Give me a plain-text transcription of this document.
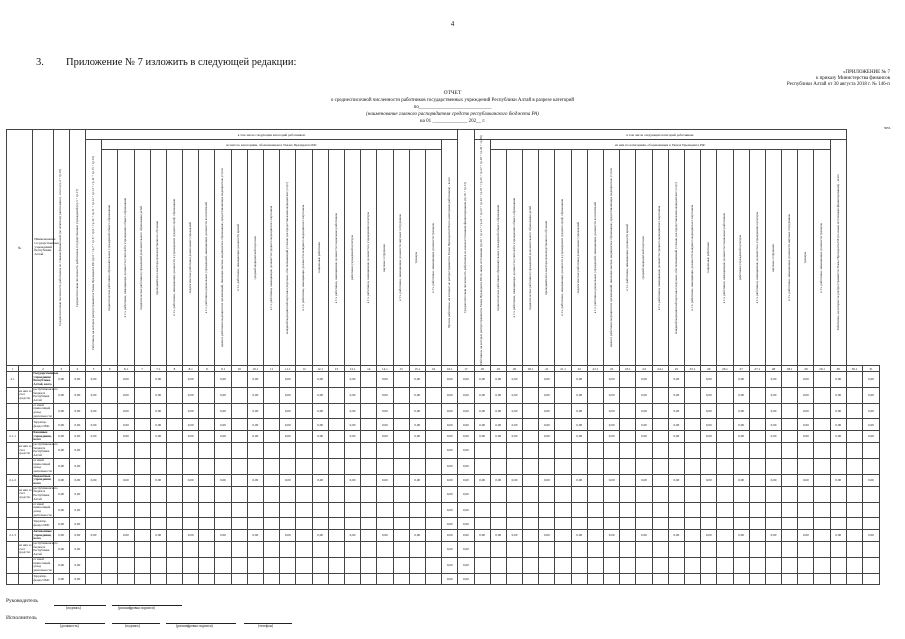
4
3. Приложение № 7 изложить в следующей редакции:
«ПРИЛОЖЕНИЕ № 7
к приказу Министерства финансов
Республики Алтай от 30 августа 2018 г. № 146-п
ОТЧЕТ
о среднесписочной численности работников государственных учреждений Республики Алтай в разрезе категорий
по_____________________________
(наименование главного распорядителя средств республиканского бюджета РА)
на 01 ______________ 202__ г.
чел.
№		Наименование государственных учреждений Республики Алтай	Среднесписочная численность работников по ставкам финансовой (по штатному расписанию) - всего (гр.4 + гр.18)	Среднесписочная численность работников государственных учреждений (гр.5 + гр.17)	в том числе следующих категорий работников:																							Среднесписочная численность работников по иным источникам финансирования (гр.19 + гр.31)	в том числе следующих категорий работников:																								

					Работники, на которых распространяются Указы Президента РФ (гр.6 + гр.7 + гр.8 + гр.9 + гр.10 + гр.11 + гр.12 + гр.13 + гр.14 + гр.15 + гр.16)	из них по категориям, обозначенным в Указах Президента РФ:																					Прочие работники, на которых не распространяются Указы Президента РФ (по категориям работников) - всего		Работники, на которых распространяются Указы Президента РФ по иным источникам (гр.20 + гр.21 + гр.22 + гр.23 + гр.24 + гр.25 + гр.26 + гр.27 + гр.28 + гр.29 + гр.30)	из них по категориям, обозначенным в Указах Президента РФ:																					Работники, на которых не распространяются Указы Президента РФ (по иным источникам финансирования) - всего		

						педагогические работники образовательных учреждений общего образования	в т.ч. работники, замещающие должности учителей в учреждениях общего образования	педагогические работники учреждений дополнительного образования детей	преподаватели и мастера производственного обучения	в т.ч. работники, замещающие должности в учреждениях среднего проф. образования	педагогические работники дошкольных учреждений	в т.ч. работники дошкольных учреждений, замещающие должности воспитателей	врачи и работники медицинских организаций, имеющие высшее медицинское образование, предоставляющие медицинские услуги	в т.ч. работники, замещающие должности врачей	средний медицинский персонал	в т.ч. работники, замещающие должности среднего медицинского персонала	младший медицинский персонал (персонал, обеспечивающий условия для предоставления медицинских услуг)	в т.ч. работники, замещающие должности младшего медицинского персонала	социальные работники	в т.ч. работники, замещающие должности социальных работников	работники учреждений культуры	в т.ч. работники, замещающие должности в учреждениях культуры	научные сотрудники	в т.ч. работники, замещающие должности научных сотрудников	тренеры	в т.ч. работники, замещающие должности тренеров				педагогические работники образовательных учреждений общего образования	в т.ч. работники, замещающие должности учителей в учреждениях общего образования	педагогические работники учреждений дополнительного образования детей	преподаватели и мастера производственного обучения	в т.ч. работники, замещающие должности в учреждениях среднего проф. образования	педагогические работники дошкольных учреждений	в т.ч. работники дошкольных учреждений, замещающие должности воспитателей	врачи и работники медицинских организаций, имеющие высшее медицинское образование, предоставляющие медицинские услуги	в т.ч. работники, замещающие должности врачей	средний медицинский персонал	в т.ч. работники, замещающие должности среднего медицинского персонала	младший медицинский персонал (персонал, обеспечивающий условия для предоставления медицинских услуг)	в т.ч. работники, замещающие должности младшего медицинского персонала	социальные работники	в т.ч. работники, замещающие должности социальных работников	работники учреждений культуры	в т.ч. работники, замещающие должности в учреждениях культуры	научные сотрудники	в т.ч. работники, замещающие должности научных сотрудников	тренеры	в т.ч. работники, замещающие должности тренеров			

1		2	3	4	5	6	6.1	7	7.1	8	8.1	9	9.1	10	10.1	11	11.1	12	12.1	13	13.1	14	14.1	15	15.1	16	16.1	17	18	19	20	20.1	21	21.1	22	22.1	23	23.1	24	24.1	25	25.1	26	26.1	27	27.1	28	28.1	29	29.1	30	30.1	31
2.1		Государственные учреждения Республики Алтай, всего	0,00	0,00	0,00		0,00		0,00		0,00		0,00		0,00		0,00		0,00		0,00		0,00		0,00		0,00	0,00	0,00	0,00	0,00		0,00		0,00		0,00		0,00		0,00		0,00		0,00		0,00		0,00		0,00		0,00
	из них за счет средств:	республиканского бюджета Республики Алтай	0,00	0,00	0,00		0,00		0,00		0,00		0,00		0,00		0,00		0,00		0,00		0,00		0,00		0,00	0,00	0,00	0,00	0,00		0,00		0,00		0,00		0,00		0,00		0,00		0,00		0,00		0,00		0,00		0,00
		от иной приносящей доход деятельности	0,00	0,00	0,00		0,00		0,00		0,00		0,00		0,00		0,00		0,00		0,00		0,00		0,00		0,00	0,00	0,00	0,00	0,00		0,00		0,00		0,00		0,00		0,00		0,00		0,00		0,00		0,00		0,00		0,00
		Территор. фонда ОМС	0,00	0,00	0,00		0,00		0,00		0,00		0,00		0,00		0,00		0,00		0,00		0,00		0,00		0,00	0,00	0,00	0,00	0,00		0,00		0,00		0,00		0,00		0,00		0,00		0,00		0,00		0,00		0,00		0,00
2.1.1		Казенные учреждения, всего	0,00	0,00	0,00		0,00		0,00		0,00		0,00		0,00		0,00		0,00		0,00		0,00		0,00		0,00	0,00	0,00	0,00	0,00		0,00		0,00		0,00		0,00		0,00		0,00		0,00		0,00		0,00		0,00		0,00
	из них за счет средств:	республиканского бюджета Республики Алтай	0,00	0,00																							0,00	0,00																									
		от иной приносящей доход деятельности	0,00	0,00																							0,00	0,00																									
2.1.2		Бюджетные учреждения, всего	0,00	0,00	0,00		0,00		0,00		0,00		0,00		0,00		0,00		0,00		0,00		0,00		0,00		0,00	0,00	0,00	0,00	0,00		0,00		0,00		0,00		0,00		0,00		0,00		0,00		0,00		0,00		0,00		0,00
	из них за счет средств:	республиканского бюджета Республики Алтай	0,00	0,00																							0,00	0,00																									
		от иной приносящей доход деятельности	0,00	0,00																							0,00	0,00																									
		Территор. фонда ОМС	0,00	0,00																							0,00	0,00																									
2.1.3		Автономные учреждения, всего	0,00	0,00	0,00		0,00		0,00		0,00		0,00		0,00		0,00		0,00		0,00		0,00		0,00		0,00	0,00	0,00	0,00	0,00		0,00		0,00		0,00		0,00		0,00		0,00		0,00		0,00		0,00		0,00		0,00
	из них за счет средств:	республиканского бюджета Республики Алтай	0,00	0,00																							0,00	0,00																									
		от иной приносящей доход деятельности	0,00	0,00																							0,00	0,00																									
		Территор. фонда ОМС	0,00	0,00																							0,00	0,00																									
Руководитель
(подпись)	(расшифровка подписи)
Исполнитель
(должность)	(подпись)	(расшифровка подписи)	(телефон)
